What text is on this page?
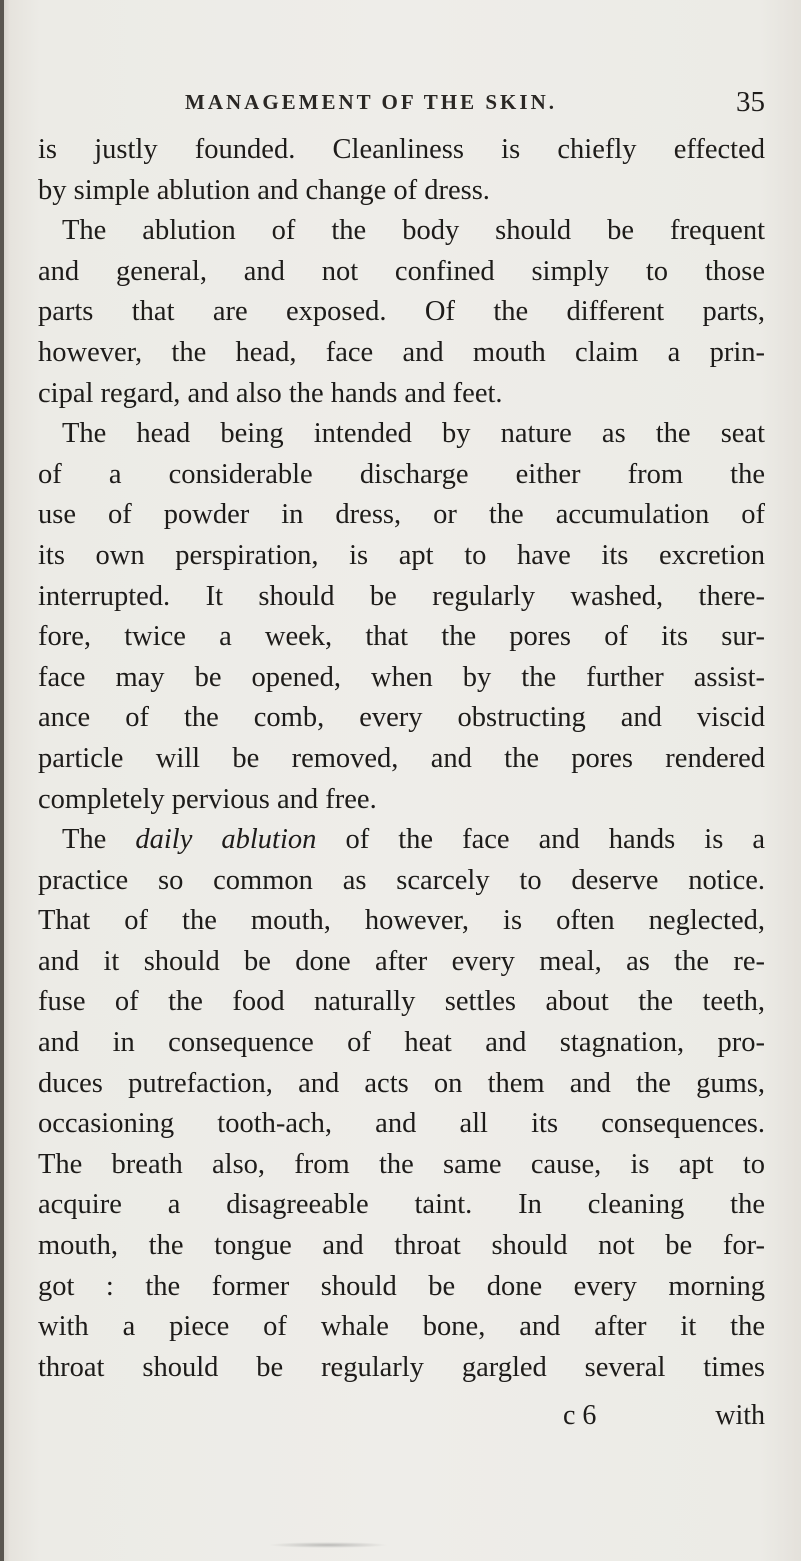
MANAGEMENT OF THE SKIN.	35
is justly founded. Cleanliness is chiefly effected
by simple ablution and change of dress.
The ablution of the body should be frequent
and general, and not confined simply to those
parts that are exposed. Of the different parts,
however, the head, face and mouth claim a prin-
cipal regard, and also the hands and feet.
The head being intended by nature as the seat
of a considerable discharge either from the
use of powder in dress, or the accumulation of
its own perspiration, is apt to have its excretion
interrupted. It should be regularly washed, there-
fore, twice a week, that the pores of its sur-
face may be opened, when by the further assist-
ance of the comb, every obstructing and viscid
particle will be removed, and the pores rendered
completely pervious and free.
The daily ablution of the face and hands is a
practice so common as scarcely to deserve notice.
That of the mouth, however, is often neglected,
and it should be done after every meal, as the re-
fuse of the food naturally settles about the teeth,
and in consequence of heat and stagnation, pro-
duces putrefaction, and acts on them and the gums,
occasioning tooth-ach, and all its consequences.
The breath also, from the same cause, is apt to
acquire a disagreeable taint. In cleaning the
mouth, the tongue and throat should not be for-
got : the former should be done every morning
with a piece of whale bone, and after it the
throat should be regularly gargled several times
c 6	with
